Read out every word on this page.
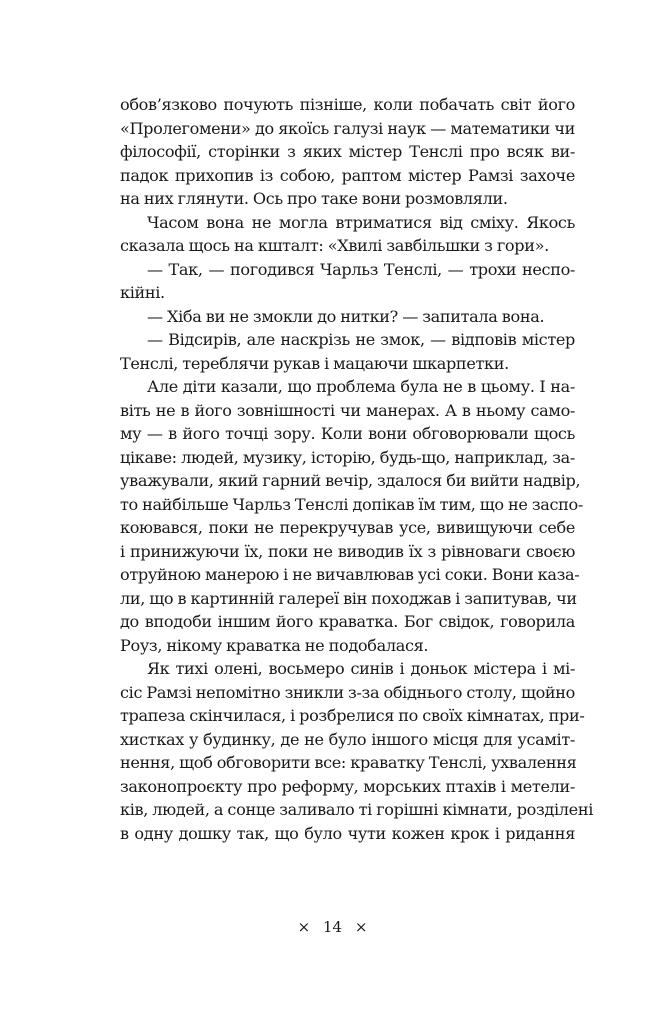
обов’язково почують пізніше, коли побачать світ його
«Пролегомени» до якоїсь галузі наук — математики чи
філософії, сторінки з яких містер Тенслі про всяк ви-
падок прихопив із собою, раптом містер Рамзі захоче
на них глянути. Ось про таке вони розмовляли.
Часом вона не могла втриматися від сміху. Якось
сказала щось на кшталт: «Хвилі завбільшки з гори».
— Так, — погодився Чарльз Тенслі, — трохи неспо-
кійні.
— Хіба ви не змокли до нитки? — запитала вона.
— Відсирів, але наскрізь не змок, — відповів містер
Тенслі, тереблячи рукав і мацаючи шкарпетки.
Але діти казали, що проблема була не в цьому. І на-
віть не в його зовнішності чи манерах. А в ньому само-
му — в його точці зору. Коли вони обговорювали щось
цікаве: людей, музику, історію, будь-що, наприклад, за-
уважували, який гарний вечір, здалося би вийти надвір,
то найбільше Чарльз Тенслі допікав їм тим, що не заспо-
коювався, поки не перекручував усе, вивищуючи себе
і принижуючи їх, поки не виводив їх з рівноваги своєю
отруйною манерою і не вичавлював усі соки. Вони каза-
ли, що в картинній галереї він походжав і запитував, чи
до вподоби іншим його краватка. Бог свідок, говорила
Роуз, нікому краватка не подобалася.
Як тихі олені, восьмеро синів і доньок містера і мі-
сіс Рамзі непомітно зникли з-за обіднього столу, щойно
трапеза скінчилася, і розбрелися по своїх кімнатах, при-
хистках у будинку, де не було іншого місця для усаміт-
нення, щоб обговорити все: краватку Тенслі, ухвалення
законопроєкту про реформу, морських птахів і метели-
ків, людей, а сонце заливало ті горішні кімнати, розділені
в одну дошку так, що було чути кожен крок і ридання
× 14 ×
